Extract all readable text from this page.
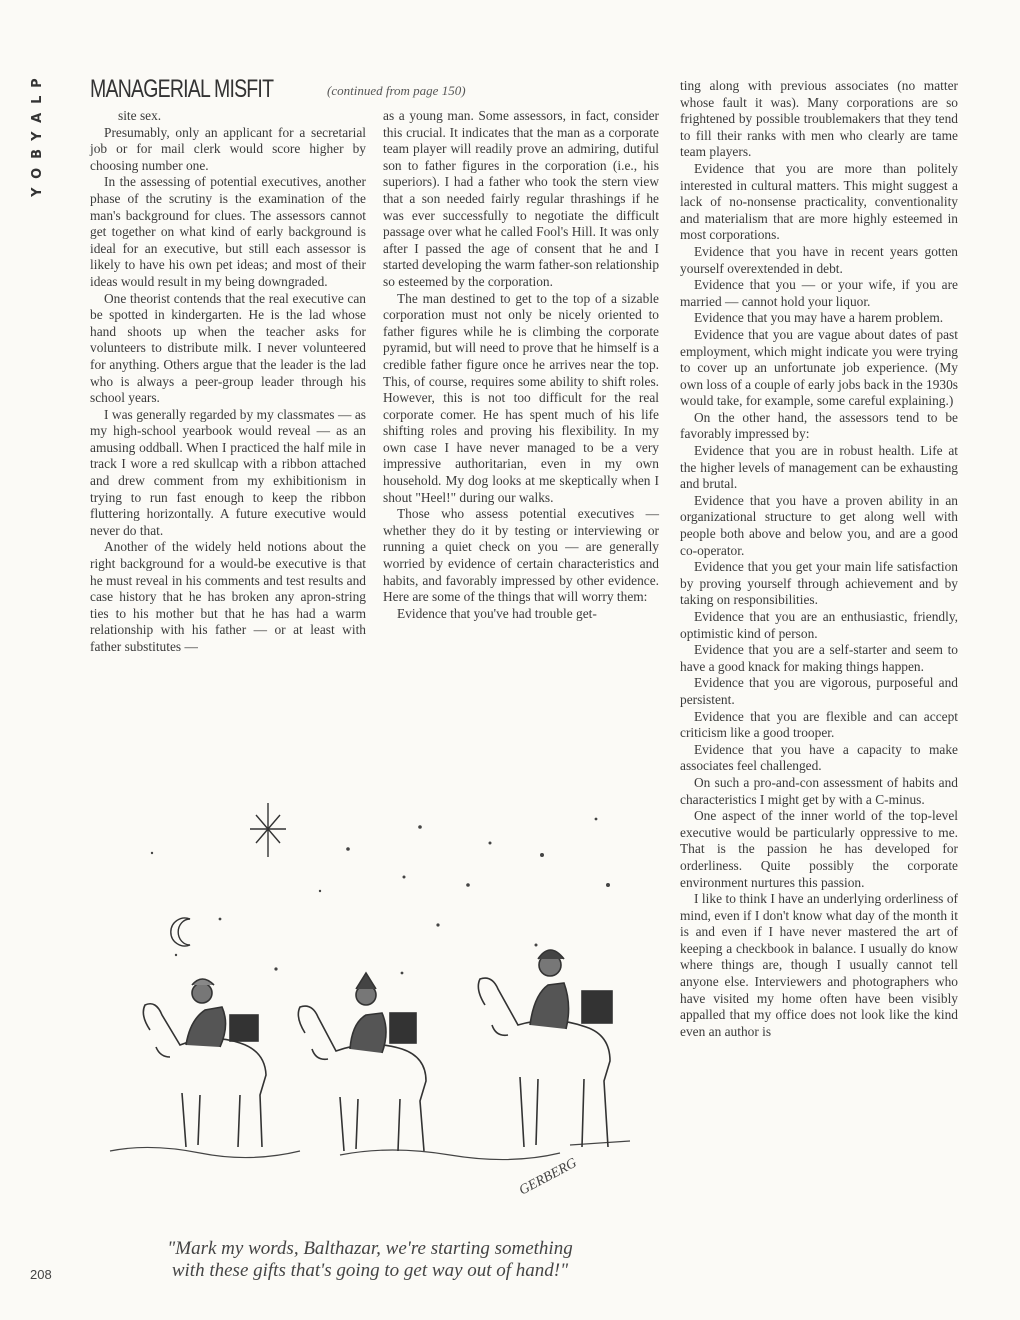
Y O B Y A L P MANAGERIAL MISFIT	(continued from page 150)

site sex.

Presumably, only an applicant for a secretarial job or for mail clerk would score higher by choosing number one.

In the assessing of potential executives, another phase of the scrutiny is the examination of the man's background for clues. The assessors cannot get together on what kind of early background is ideal for an executive, but still each assessor is likely to have his own pet ideas; and most of their ideas would result in my being downgraded.

One theorist contends that the real executive can be spotted in kindergarten. He is the lad whose hand shoots up when the teacher asks for volunteers to distribute milk. I never volunteered for anything. Others argue that the leader is the lad who is always a peer-group leader through his school years.

I was generally regarded by my classmates — as my high-school yearbook would reveal — as an amusing oddball. When I practiced the half mile in track I wore a red skullcap with a ribbon attached and drew comment from my exhibitionism in trying to run fast enough to keep the ribbon fluttering horizontally. A future executive would never do that.

Another of the widely held notions about the right background for a would-be executive is that he must reveal in his comments and test results and case history that he has broken any apron-string ties to his mother but that he has had a warm relationship with his father — or at least with father substitutes —

as a young man. Some assessors, in fact, consider this crucial. It indicates that the man as a corporate team player will readily prove an admiring, dutiful son to father figures in the corporation (i.e., his superiors). I had a father who took the stern view that a son needed fairly regular thrashings if he was ever successfully to negotiate the difficult passage over what he called Fool's Hill. It was only after I passed the age of consent that he and I started developing the warm father-son relationship so esteemed by the corporation.

The man destined to get to the top of a sizable corporation must not only be nicely oriented to father figures while he is climbing the corporate pyramid, but will need to prove that he himself is a credible father figure once he arrives near the top. This, of course, requires some ability to shift roles. However, this is not too difficult for the real corporate comer. He has spent much of his life shifting roles and proving his flexibility. In my own case I have never managed to be a very impressive authoritarian, even in my own household. My dog looks at me skeptically when I shout "Heel!" during our walks.

Those who assess potential executives — whether they do it by testing or interviewing or running a quiet check on you — are generally worried by evidence of certain characteristics and habits, and favorably impressed by other evidence. Here are some of the things that will worry them:

Evidence that you've had trouble get-

ting along with previous associates (no matter whose fault it was). Many corporations are so frightened by possible troublemakers that they tend to fill their ranks with men who clearly are tame team players.

Evidence that you are more than politely interested in cultural matters. This might suggest a lack of no-nonsense practicality, conventionality and materialism that are more highly esteemed in most corporations.

Evidence that you have in recent years gotten yourself overextended in debt.

Evidence that you — or your wife, if you are married — cannot hold your liquor.

Evidence that you may have a harem problem.

Evidence that you are vague about dates of past employment, which might indicate you were trying to cover up an unfortunate job experience. (My own loss of a couple of early jobs back in the 1930s would take, for example, some careful explaining.)

On the other hand, the assessors tend to be favorably impressed by:

Evidence that you are in robust health. Life at the higher levels of management can be exhausting and brutal.

Evidence that you have a proven ability in an organizational structure to get along well with people both above and below you, and are a good co-operator.

Evidence that you get your main life satisfaction by proving yourself through achievement and by taking on responsibilities.

Evidence that you are an enthusiastic, friendly, optimistic kind of person.

Evidence that you are a self-starter and seem to have a good knack for making things happen.

Evidence that you are vigorous, purposeful and persistent.

Evidence that you are flexible and can accept criticism like a good trooper.

Evidence that you have a capacity to make associates feel challenged.

On such a pro-and-con assessment of habits and characteristics I might get by with a C-minus.

One aspect of the inner world of the top-level executive would be particularly oppressive to me. That is the passion he has developed for orderliness. Quite possibly the corporate environment nurtures this passion.

I like to think I have an underlying orderliness of mind, even if I don't know what day of the month it is and even if I have never mastered the art of keeping a checkbook in balance. I usually do know where things are, though I usually cannot tell anyone else. Interviewers and photographers who have visited my home often have been visibly appalled that my office does not look like the kind even an author is

GERBERG
"Mark my words, Balthazar, we're starting something
with these gifts that's going to get way out of hand!"
208
